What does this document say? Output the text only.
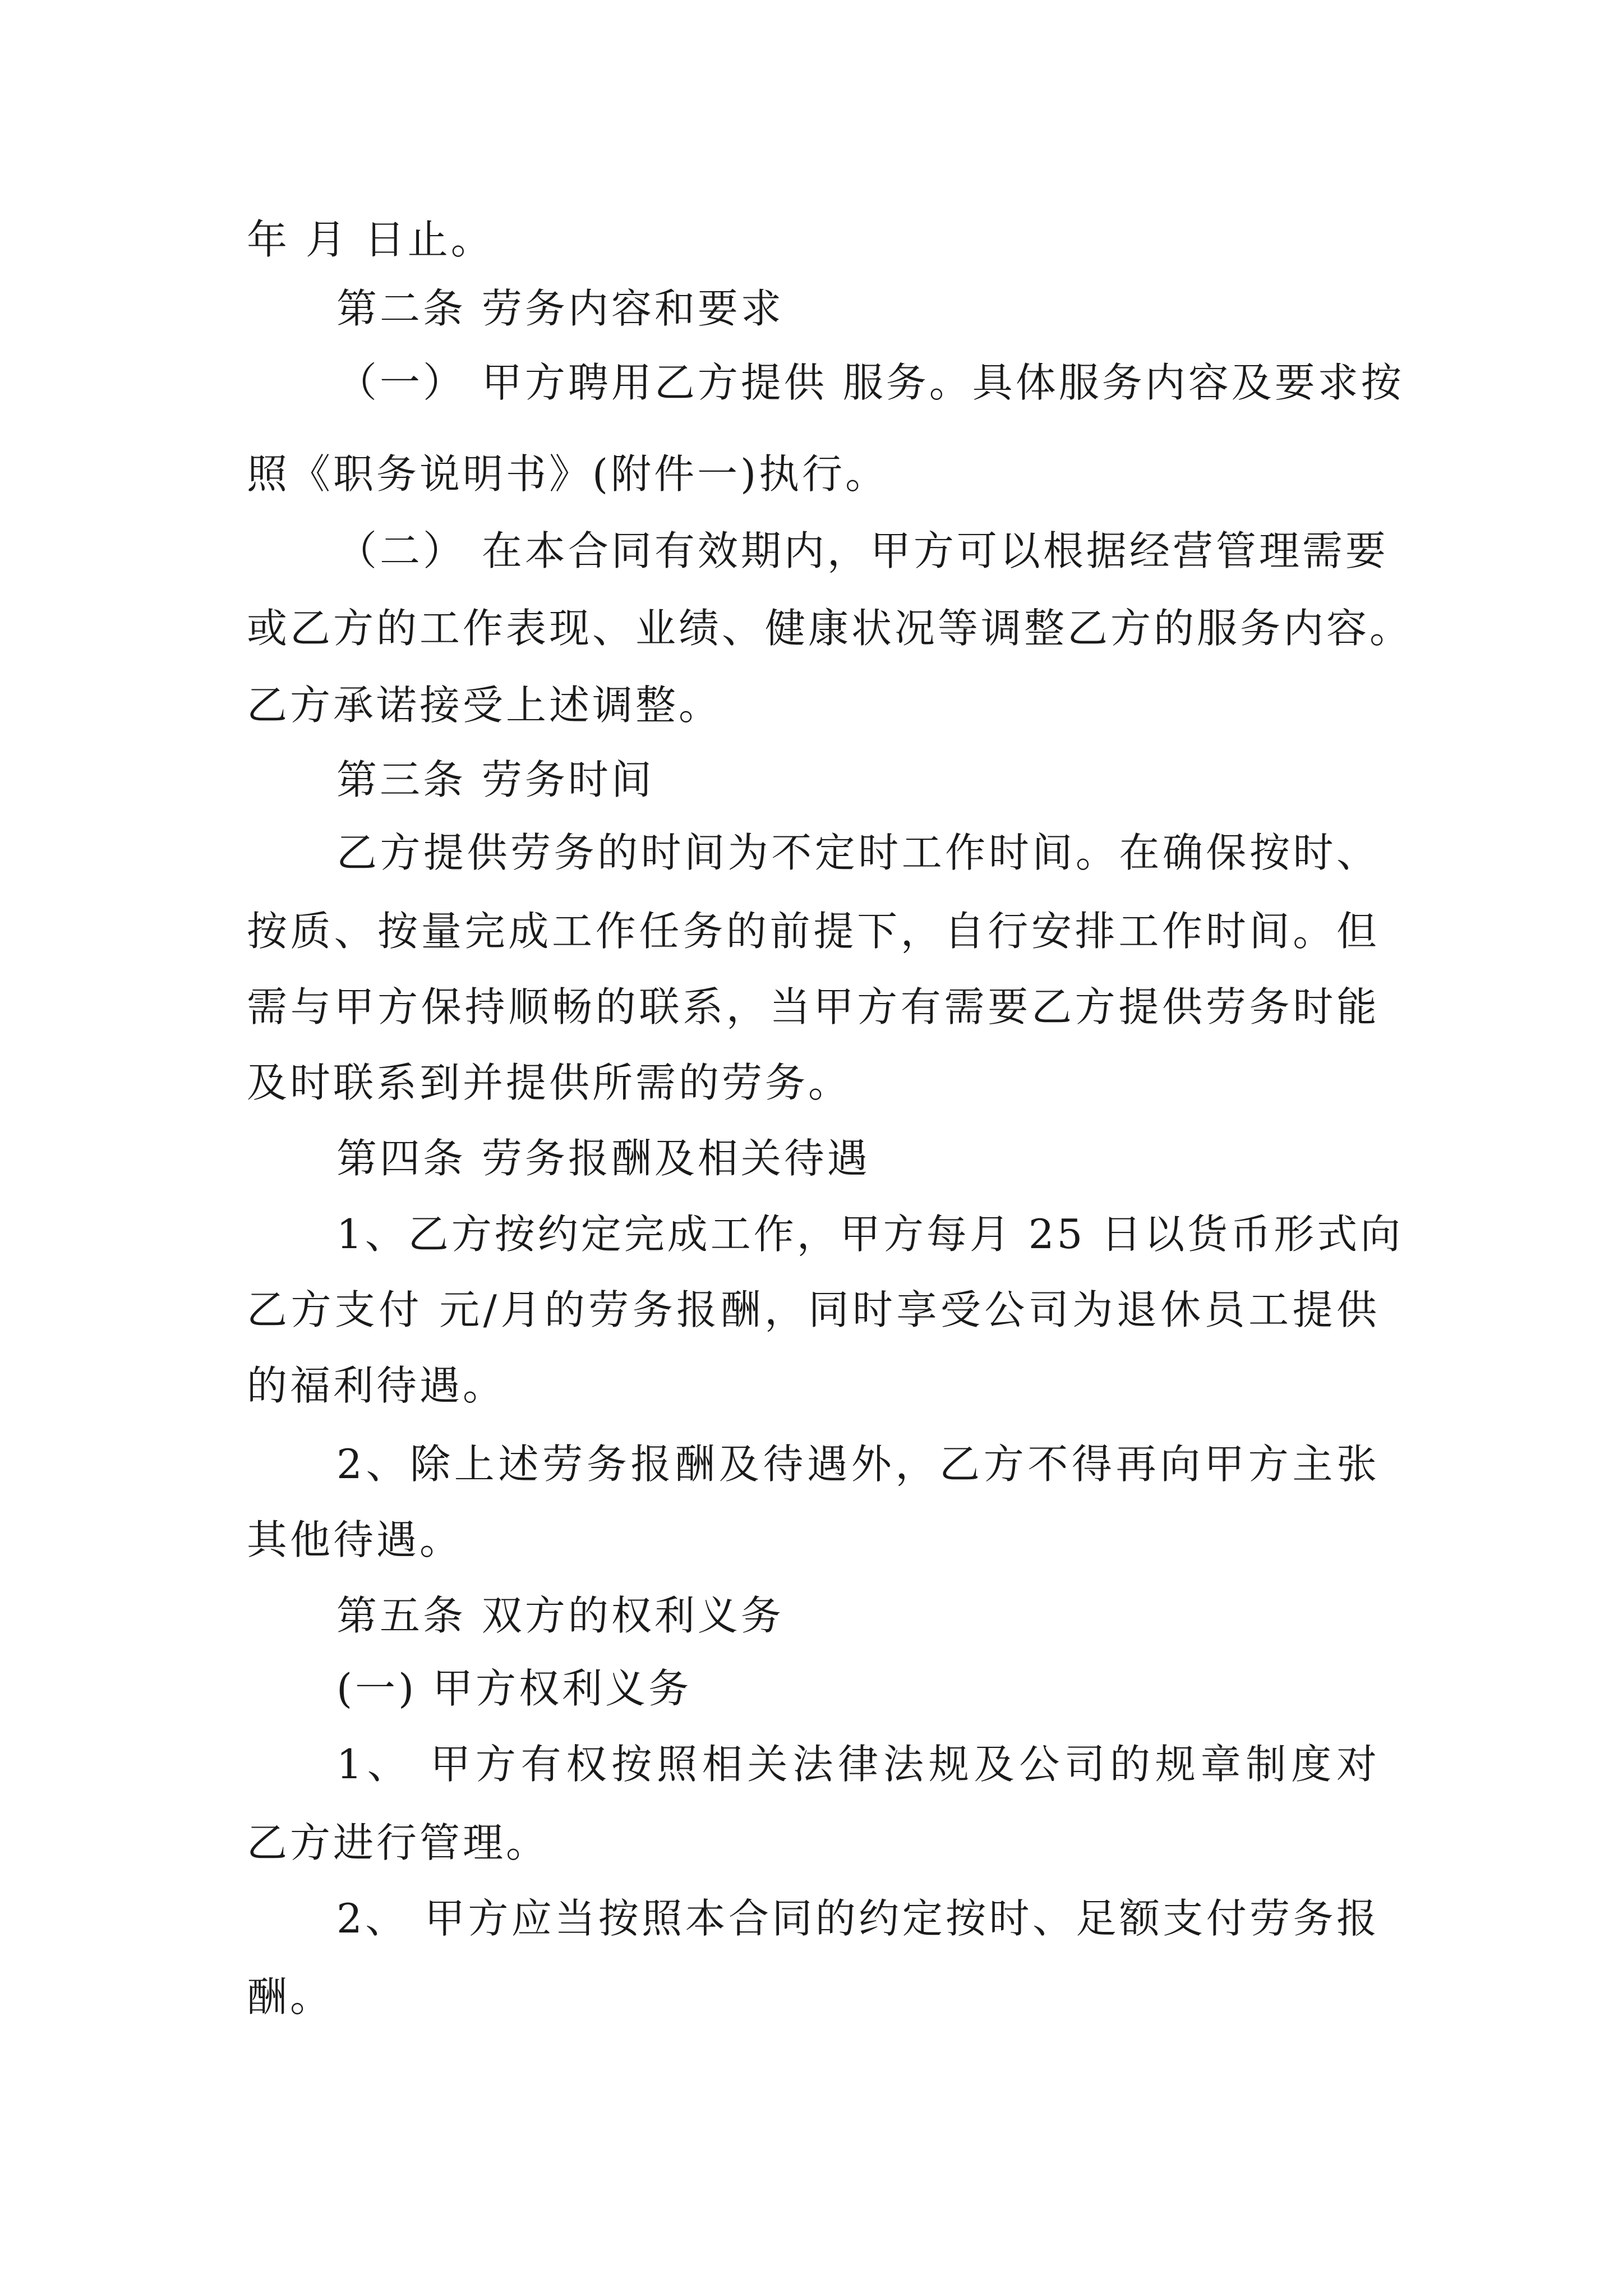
年 月 日止。
第二条 劳务内容和要求
（一） 甲方聘用乙方提供 服务。具体服务内容及要求按
照《职务说明书》(附件一)执行。
（二） 在本合同有效期内，甲方可以根据经营管理需要
或乙方的工作表现、业绩、健康状况等调整乙方的服务内容。
乙方承诺接受上述调整。
第三条 劳务时间
乙方提供劳务的时间为不定时工作时间。在确保按时、
按质、按量完成工作任务的前提下，自行安排工作时间。但
需与甲方保持顺畅的联系，当甲方有需要乙方提供劳务时能
及时联系到并提供所需的劳务。
第四条 劳务报酬及相关待遇
1、乙方按约定完成工作，甲方每月 25 日以货币形式向
乙方支付 元/月的劳务报酬，同时享受公司为退休员工提供
的福利待遇。
2、除上述劳务报酬及待遇外，乙方不得再向甲方主张
其他待遇。
第五条 双方的权利义务
(一) 甲方权利义务
1、 甲方有权按照相关法律法规及公司的规章制度对
乙方进行管理。
2、 甲方应当按照本合同的约定按时、足额支付劳务报
酬。
